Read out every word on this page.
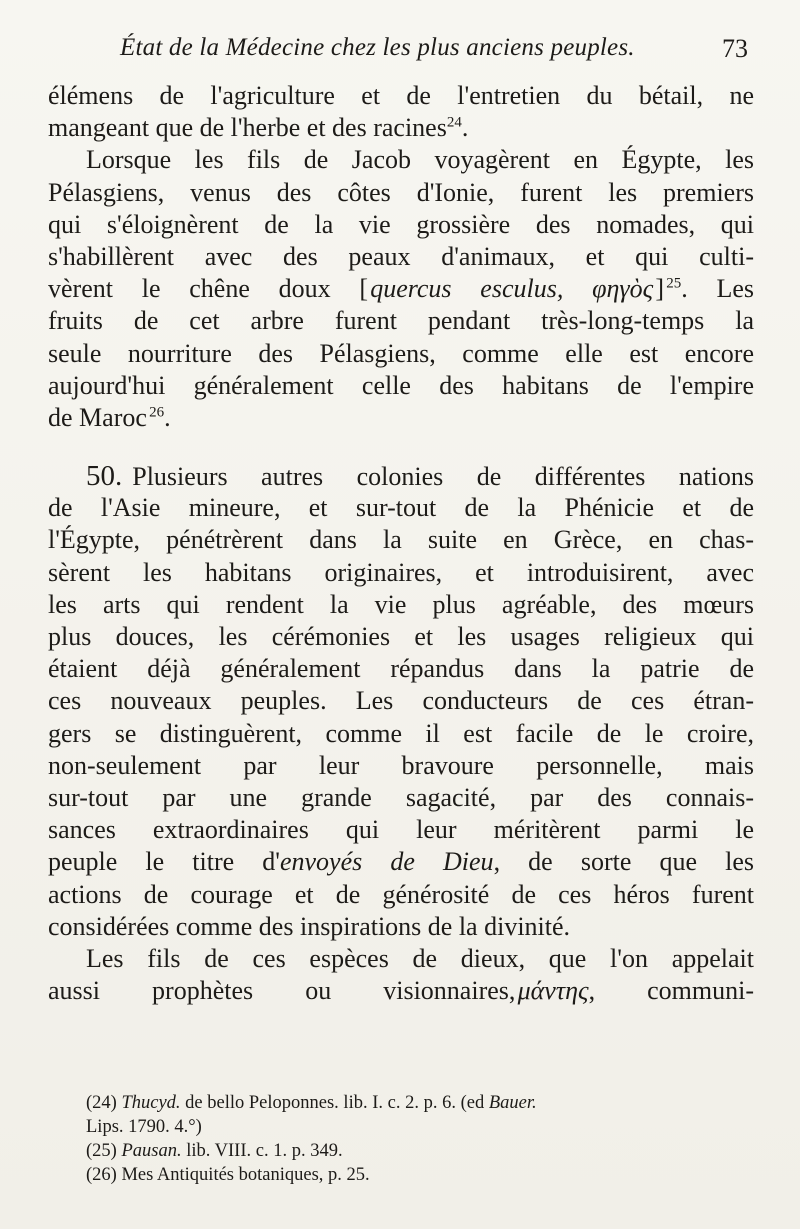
État de la Médecine chez les plus anciens peuples.	73
élémens de l'agriculture et de l'entretien du bétail, ne
mangeant que de l'herbe et des racines$^{24}$.
Lorsque les fils de Jacob voyagèrent en Égypte, les
Pélasgiens, venus des côtes d'Ionie, furent les premiers
qui s'éloignèrent de la vie grossière des nomades, qui
s'habillèrent avec des peaux d'animaux, et qui culti-
vèrent le chêne doux [ quercus esculus, φηγὸς ]  $^{25}$. Les
fruits de cet arbre furent pendant très-long-temps la
seule nourriture des Pélasgiens, comme elle est encore
aujourd'hui généralement celle des habitans de l'empire
de Maroc  $^{26}$.
50. Plusieurs autres colonies de différentes nations
de l'Asie mineure, et sur-tout de la Phénicie et de
l'Égypte, pénétrèrent dans la suite en Grèce, en chas-
sèrent les habitans originaires, et introduisirent, avec
les arts qui rendent la vie plus agréable, des mœurs
plus douces, les cérémonies et les usages religieux qui
étaient déjà généralement répandus dans la patrie de
ces nouveaux peuples. Les conducteurs de ces étran-
gers se distinguèrent, comme il est facile de le croire,
non-seulement par leur bravoure personnelle, mais
sur-tout par une grande sagacité, par des connais-
sances extraordinaires qui leur méritèrent parmi le
peuple le titre d'envoyés de Dieu, de sorte que les
actions de courage et de générosité de ces héros furent
considérées comme des inspirations de la divinité.
Les fils de ces espèces de dieux, que l'on appelait
aussi prophètes ou visionnaires, μάντης, communi-
(24) Thucyd. de bello Peloponnes. lib. I. c. 2. p. 6. (ed Bauer.
Lips. 1790. 4.°)
(25) Pausan. lib. VIII. c. 1. p. 349.
(26) Mes Antiquités botaniques, p. 25.
